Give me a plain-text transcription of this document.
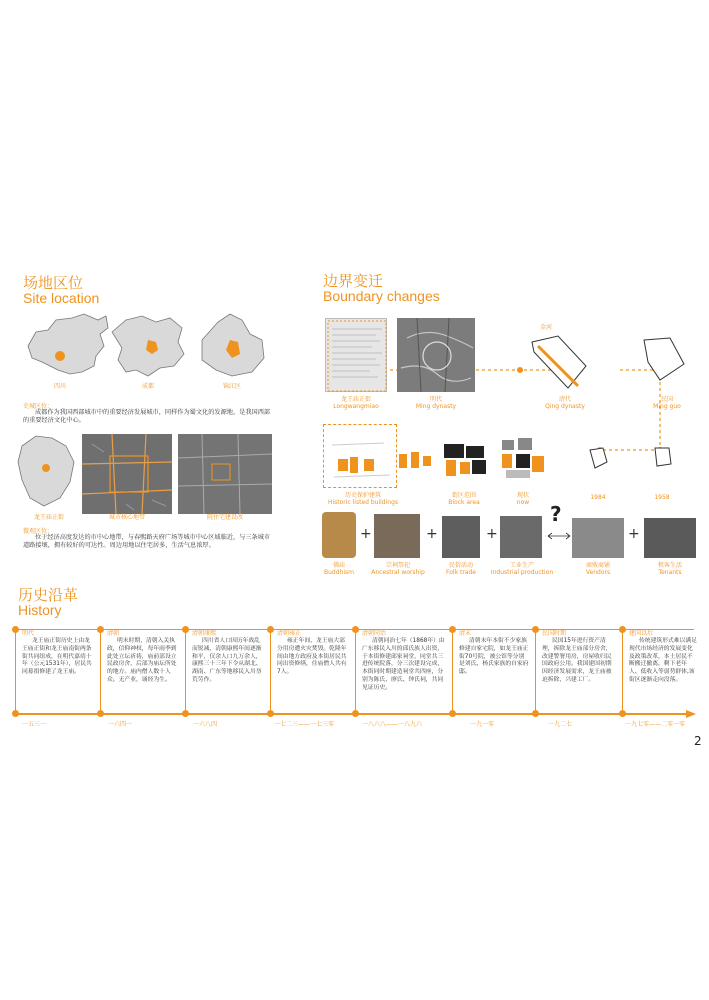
场地区位
Site location
四川	成都	锦江区
史城区位：
成都作为我国西部城市中的重要经济发展城市，同样作为蜀文化的发源地，是我国西部的重要经济文化中心。
龙王庙正街	城市核心地带	院住宅建设改
微观区位：
位于经济高度发达的市中心地带，与春熙路天府广场等城市中心区域临近，与三条城市道路接壤，拥有较好的可达性。周边用地以住宅居多，生活气息浓厚。
边界变迁
Boundary changes
龙王庙正街
Longwangmiao
明代
Ming dynasty
金河
清代
Qing dynasty
民国
Ming guo
历史保护建筑
Historic listed buildings
街区范围
Block area
现状
now
1984	1958
+	+	+
?
+
佛庙
Buddhism
宗祠祭祀
Ancestral worship
民俗活动
Folk trade
工业生产
Industrial production
商贩商铺
Vendors
租客生活
Tenants
历史沿革
History
明代
龙王庙正街历史上由龙王庙正街和龙王庙南街两条街共同组成，在明代嘉靖十年（公元1531年），居民共同募捐修建了龙王庙。
一五三一
清朝
明末时期，清朝入关执政，信仰神权，每年雨季到此处立坛祈祷，庙前部设立民政房舍，后部为庙坛所处的地方。庙内僧人数十人众。无产业，诵经为生。
一六四一
清朝康熙
四川省人口因历年战乱而锐减，清朝康熙年间逐渐和平，仅余人口九万余人，康熙三十三年下令从湖北、湖南、广东等地移民入川垦荒劳作。
一六八四
清朝雍正
雍正年间，龙王庙大部分用房遭火灾焚毁。乾隆年间由地方政府及本街居民共同出资修缮，住庙僧人共有7人。
一七二三——一七三零
清朝同治
清朝同治七年（1868年）由广东移民入川的邱氏族人出资，于本街修建邱家祠堂，同堂共三进传统院落，分三次建设完成，本街同时期建造祠堂共四座，分别为陈氏、廖氏、钟氏祠，共同见证历史。
一八六八——一八九六
清末
清朝末年本街不少家族修建自家宅院，如龙王庙正街70号院，被公馆等分别是刘氏、杨氏家族的自家府邸。
一九一零
民国时期
民国15年进行资产清理，拆除龙王庙部分房舍，改建警署用房，房屋收归民国政府公用。我国建国初期因经济发展需求，龙王庙被迫拆除，兴建工厂。
一九二七
建国以后
传统建筑形式难以满足现代市场经济的发展变化及政策改革，本土居民不断搬迁撤离，剩下老年人、低收入等弱势群体,该街区逐渐走向没落。
一九七零——二零一零
2
